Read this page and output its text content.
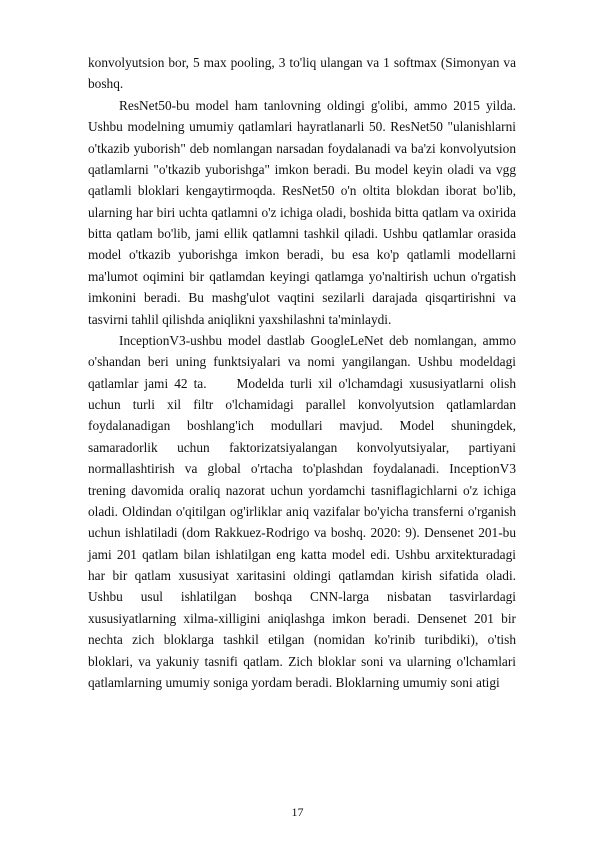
konvolyutsion bor, 5 max pooling, 3 to'liq ulangan va 1 softmax (Simonyan va boshq.

ResNet50-bu model ham tanlovning oldingi g'olibi, ammo 2015 yilda. Ushbu modelning umumiy qatlamlari hayratlanarli 50. ResNet50 "ulanishlarni o'tkazib yuborish" deb nomlangan narsadan foydalanadi va ba'zi konvolyutsion qatlamlarni "o'tkazib yuborishga" imkon beradi. Bu model keyin oladi va vgg qatlamli bloklari kengaytirmoqda. ResNet50 o'n oltita blokdan iborat bo'lib, ularning har biri uchta qatlamni o'z ichiga oladi, boshida bitta qatlam va oxirida bitta qatlam bo'lib, jami ellik qatlamni tashkil qiladi. Ushbu qatlamlar orasida model o'tkazib yuborishga imkon beradi, bu esa ko'p qatlamli modellarni ma'lumot oqimini bir qatlamdan keyingi qatlamga yo'naltirish uchun o'rgatish imkonini beradi. Bu mashg'ulot vaqtini sezilarli darajada qisqartirishni va tasvirni tahlil qilishda aniqlikni yaxshilashni ta'minlaydi.

InceptionV3-ushbu model dastlab GoogleLeNet deb nomlangan, ammo o'shandan beri uning funktsiyalari va nomi yangilangan. Ushbu modeldagi qatlamlar jami 42 ta. Modelda turli xil o'lchamdagi xususiyatlarni olish uchun turli xil filtr o'lchamidagi parallel konvolyutsion qatlamlardan foydalanadigan boshlang'ich modullari mavjud. Model shuningdek, samaradorlik uchun faktorizatsiyalangan konvolyutsiyalar, partiyani normallashtirish va global o'rtacha to'plashdan foydalanadi. InceptionV3 trening davomida oraliq nazorat uchun yordamchi tasniflagichlarni o'z ichiga oladi. Oldindan o'qitilgan og'irliklar aniq vazifalar bo'yicha transferni o'rganish uchun ishlatiladi (dom Rakkuez-Rodrigo va boshq. 2020: 9). Densenet 201-bu jami 201 qatlam bilan ishlatilgan eng katta model edi. Ushbu arxitekturadagi har bir qatlam xususiyat xaritasini oldingi qatlamdan kirish sifatida oladi. Ushbu usul ishlatilgan boshqa CNN-larga nisbatan tasvirlardagi xususiyatlarning xilma-xilligini aniqlashga imkon beradi. Densenet 201 bir nechta zich bloklarga tashkil etilgan (nomidan ko'rinib turibdiki), o'tish bloklari, va yakuniy tasnifi qatlam. Zich bloklar soni va ularning o'lchamlari qatlamlarning umumiy soniga yordam beradi. Bloklarning umumiy soni atigi

17
